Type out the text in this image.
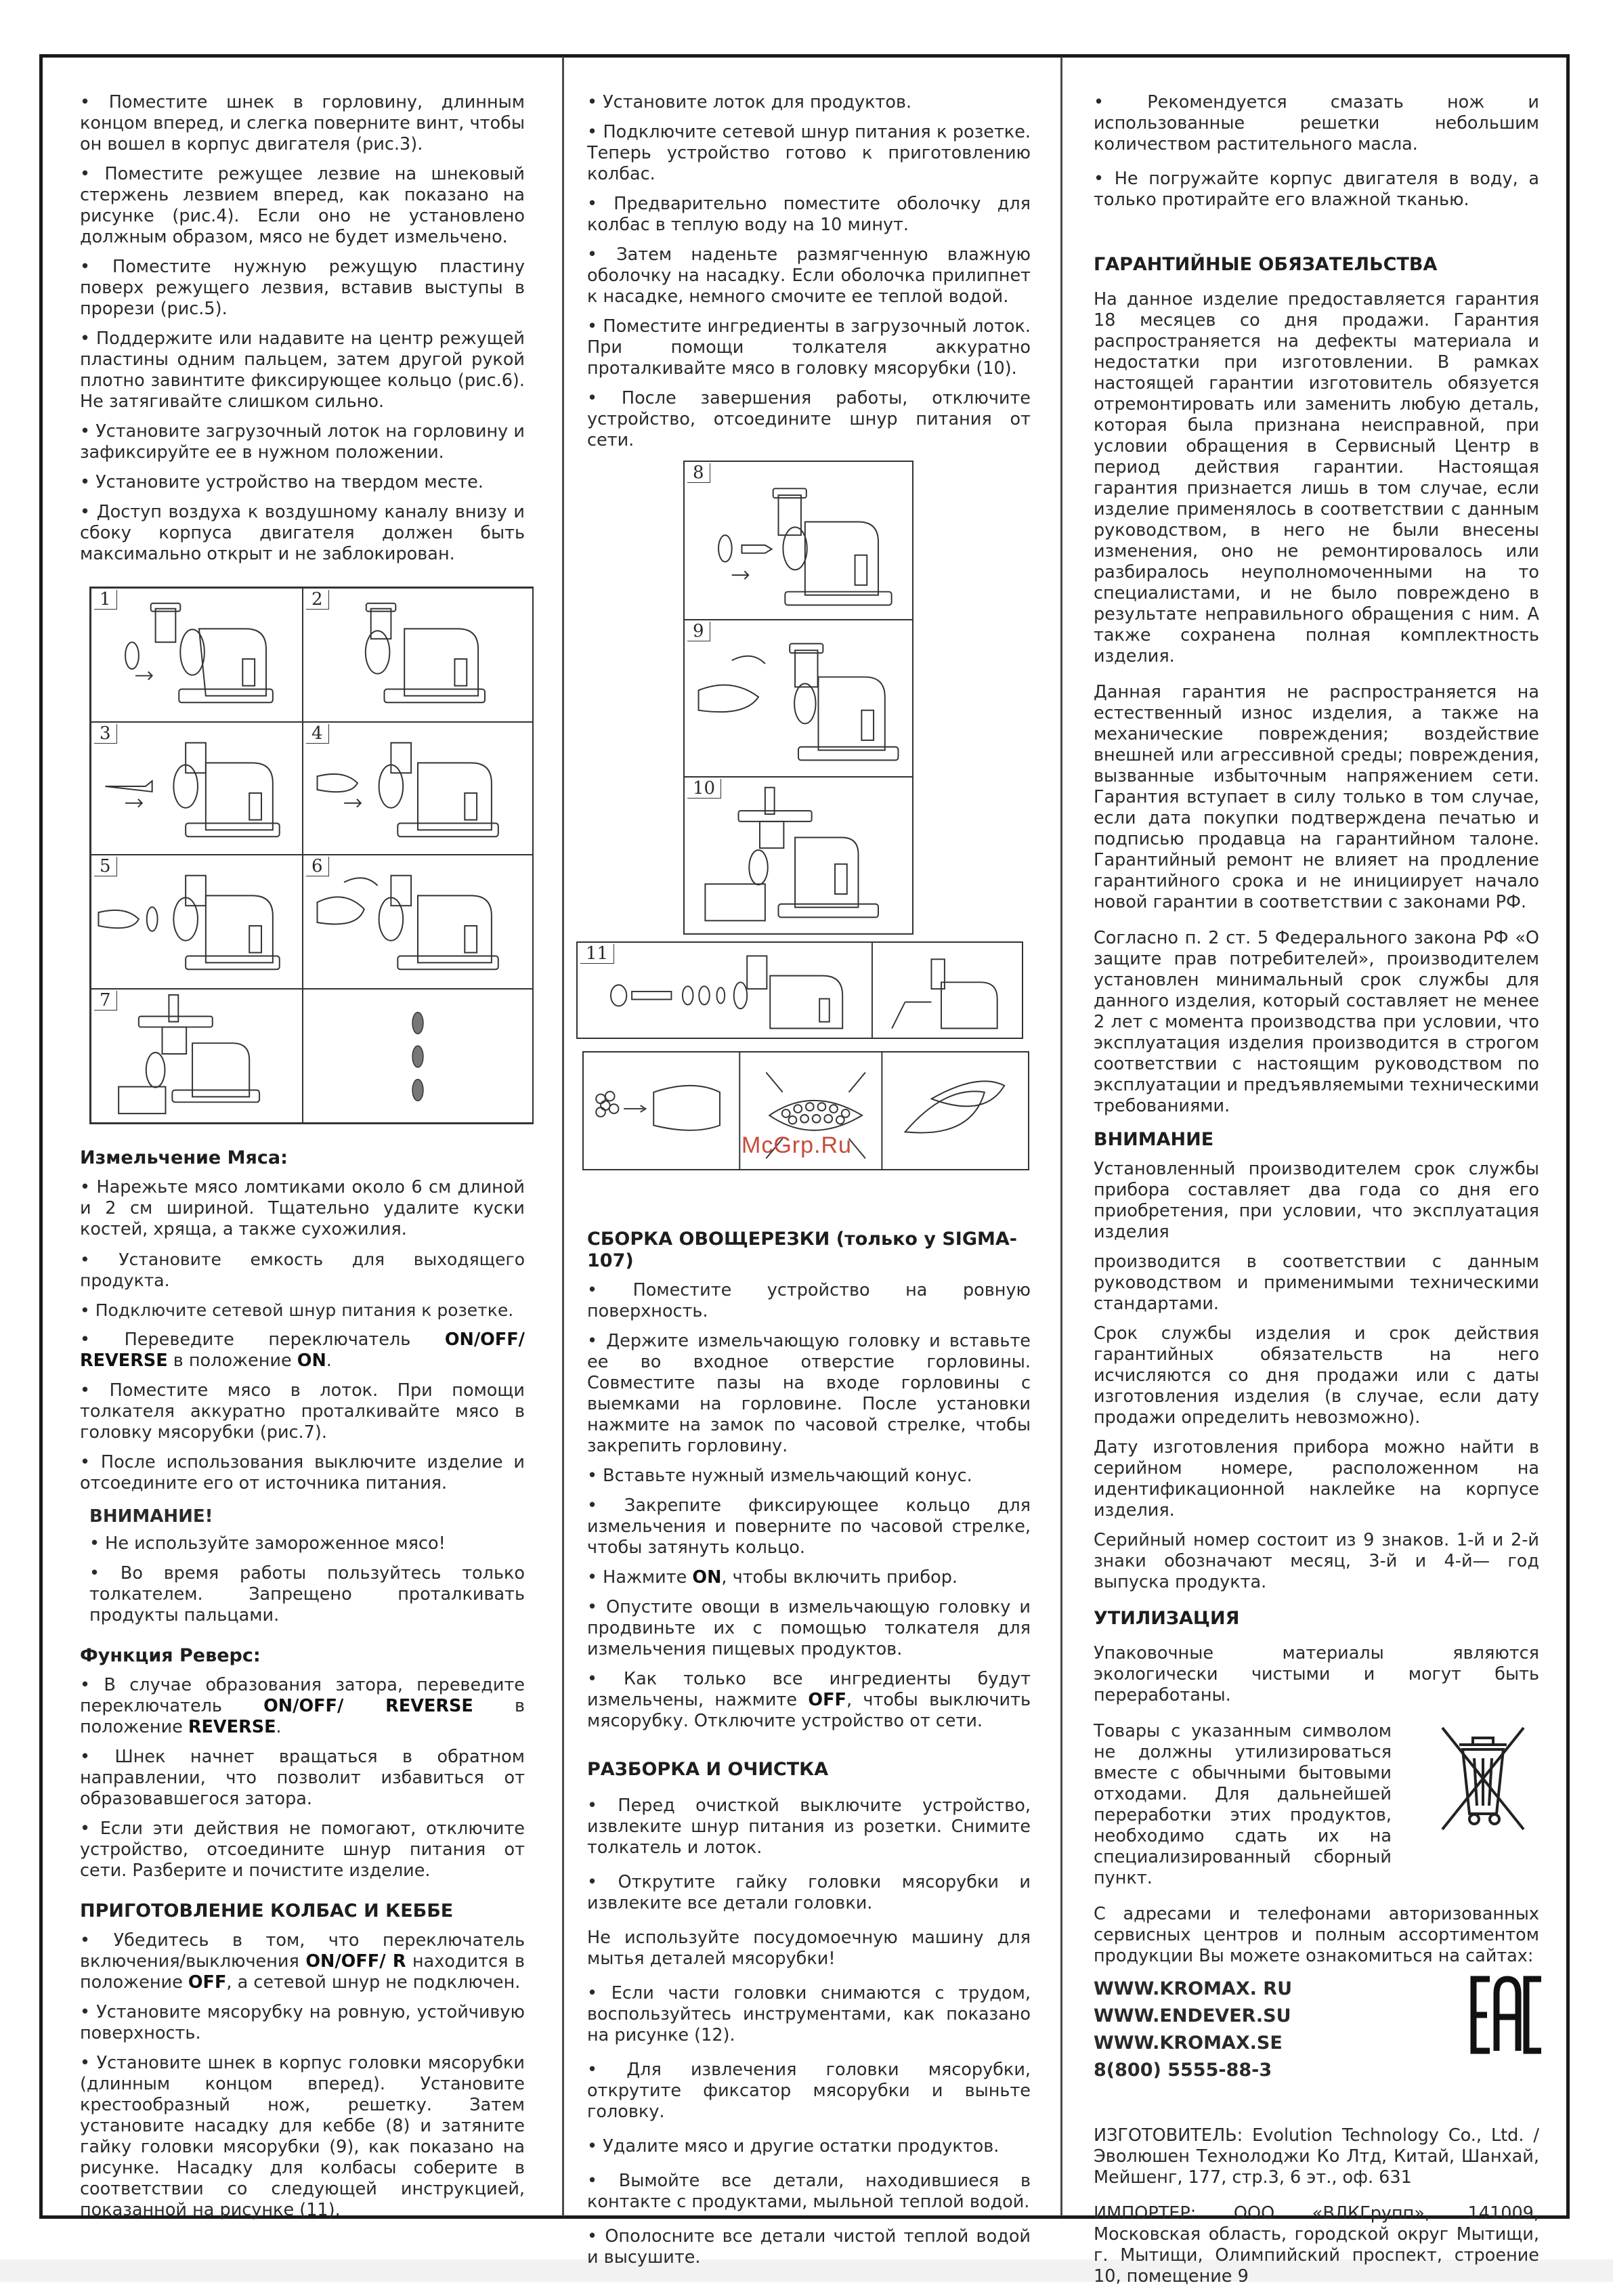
• Поместите шнек в горловину, длинным концом вперед, и слегка поверните винт, чтобы он вошел в корпус двигателя (рис.3).

• Поместите режущее лезвие на шнековый стержень лезвием вперед, как показано на рисунке (рис.4). Если оно не установлено должным образом, мясо не будет измельчено.

• Поместите нужную режущую пластину поверх режущего лезвия, вставив выступы в прорези (рис.5).

• Поддержите или надавите на центр режущей пластины одним пальцем, затем другой рукой плотно завинтите фиксирующее кольцо (рис.6). Не затягивайте слишком сильно.

• Установите загрузочный лоток на горловину и зафиксируйте ее в нужном положении.

• Установите устройство на твердом месте.

• Доступ воздуха к воздушному каналу внизу и сбоку корпуса двигателя должен быть максимально открыт и не заблокирован.

1	2
3	4
5	6
7
Измельчение Мяса:

• Нарежьте мясо ломтиками около 6 см длиной и 2 см шириной. Тщательно удалите куски костей, хряща, а также сухожилия.

• Установите емкость для выходящего продукта.

• Подключите сетевой шнур питания к розетке.

• Переведите переключатель ON/OFF/ REVERSE в положение ON.

• Поместите мясо в лоток. При помощи толкателя аккуратно проталкивайте мясо в головку мясорубки (рис.7).

• После использования выключите изделие и отсоедините его от источника питания.

ВНИМАНИЕ!

• Не используйте замороженное мясо!

• Во время работы пользуйтесь только толкателем. Запрещено проталкивать продукты пальцами.

Функция Реверс:

• В случае образования затора, переведите переключатель ON/OFF/ REVERSE в положение REVERSE.

• Шнек начнет вращаться в обратном направлении, что позволит избавиться от образовавшегося затора.

• Если эти действия не помогают, отключите устройство, отсоедините шнур питания от сети. Разберите и почистите изделие.

ПРИГОТОВЛЕНИЕ КОЛБАС И КЕББЕ

• Убедитесь в том, что переключатель включения/выключения ON/OFF/ R находится в положение OFF, а сетевой шнур не подключен.

• Установите мясорубку на ровную, устойчивую поверхность.

• Установите шнек в корпус головки мясорубки (длинным концом вперед). Установите крестообразный нож, решетку. Затем установите насадку для кеббе (8) и затяните гайку головки мясорубки (9), как показано на рисунке. Насадку для колбасы соберите в соответствии со следующей инструкцией, показанной на рисунке (11).

• Установите лоток для продуктов.

• Подключите сетевой шнур питания к розетке. Теперь устройство готово к приготовлению колбас.

• Предварительно поместите оболочку для колбас в теплую воду на 10 минут.

• Затем наденьте размягченную влажную оболочку на насадку. Если оболочка прилипнет к насадке, немного смочите ее теплой водой.

• Поместите ингредиенты в загрузочный лоток. При помощи толкателя аккуратно проталкивайте мясо в головку мясорубки (10).

• После завершения работы, отключите устройство, отсоедините шнур питания от сети.

8
9
10
11
СБОРКА ОВОЩЕРЕЗКИ (только у SIGMA-107)

• Поместите устройство на ровную поверхность.

• Держите измельчающую головку и вставьте ее во входное отверстие горловины. Совместите пазы на входе горловины с выемками на горловине. После установки нажмите на замок по часовой стрелке, чтобы закрепить горловину.

• Вставьте нужный измельчающий конус.

• Закрепите фиксирующее кольцо для измельчения и поверните по часовой стрелке, чтобы затянуть кольцо.

• Нажмите ON, чтобы включить прибор.

• Опустите овощи в измельчающую головку и продвиньте их с помощью толкателя для измельчения пищевых продуктов.

• Как только все ингредиенты будут измельчены, нажмите OFF, чтобы выключить мясорубку. Отключите устройство от сети.

РАЗБОРКА И ОЧИСТКА

• Перед очисткой выключите устройство, извлеките шнур питания из розетки. Снимите толкатель и лоток.

• Открутите гайку головки мясорубки и извлеките все детали головки.

Не используйте посудомоечную машину для мытья деталей мясорубки!

• Если части головки снимаются с трудом, воспользуйтесь инструментами, как показано на рисунке (12).

• Для извлечения головки мясорубки, открутите фиксатор мясорубки и выньте головку.

• Удалите мясо и другие остатки продуктов.

• Вымойте все детали, находившиеся в контакте с продуктами, мыльной теплой водой.

• Ополосните все детали чистой теплой водой и высушите.

McGrp.Ru

• Рекомендуется смазать нож и использованные решетки небольшим количеством растительного масла.

• Не погружайте корпус двигателя в воду, а только протирайте его влажной тканью.

ГАРАНТИЙНЫЕ ОБЯЗАТЕЛЬСТВА

На данное изделие предоставляется гарантия 18 месяцев со дня продажи. Гарантия распространяется на дефекты материала и недостатки при изготовлении. В рамках настоящей гарантии изготовитель обязуется отремонтировать или заменить любую деталь, которая была признана неисправной, при условии обращения в Сервисный Центр в период действия гарантии. Настоящая гарантия признается лишь в том случае, если изделие применялось в соответствии с данным руководством, в него не были внесены изменения, оно не ремонтировалось или разбиралось неуполномоченными на то специалистами, и не было повреждено в результате неправильного обращения с ним. А также сохранена полная комплектность изделия.

Данная гарантия не распространяется на естественный износ изделия, а также на механические повреждения; воздействие внешней или агрессивной среды; повреждения, вызванные избыточным напряжением сети. Гарантия вступает в силу только в том случае, если дата покупки подтверждена печатью и подписью продавца на гарантийном талоне. Гарантийный ремонт не влияет на продление гарантийного срока и не инициирует начало новой гарантии в соответствии с законами РФ.

Согласно п. 2 ст. 5 Федерального закона РФ «О защите прав потребителей», производителем установлен минимальный срок службы для данного изделия, который составляет не менее 2 лет с момента производства при условии, что эксплуатация изделия производится в строгом соответствии с настоящим руководством по эксплуатации и предъявляемыми техническими требованиями.

ВНИМАНИЕ

Установленный производителем срок службы прибора составляет два года со дня его приобретения, при условии, что эксплуатация изделия

производится в соответствии с данным руководством и применимыми техническими стандартами.

Срок службы изделия и срок действия гарантийных обязательств на него исчисляются со дня продажи или с даты изготовления изделия (в случае, если дату продажи определить невозможно).

Дату изготовления прибора можно найти в серийном номере, расположенном на идентификационной наклейке на корпусе изделия.

Серийный номер состоит из 9 знаков. 1-й и 2-й знаки обозначают месяц, 3-й и 4-й— год выпуска продукта.

УТИЛИЗАЦИЯ

Упаковочные материалы являются экологически чистыми и могут быть переработаны.

Товары с указанным символом не должны утилизироваться вместе с обычными бытовыми отходами. Для дальнейшей переработки этих продуктов, необходимо сдать их на специализированный сборный пункт.

С адресами и телефонами авторизованных сервисных центров и полным ассортиментом продукции Вы можете ознакомиться на сайтах:

WWW.KROMAX. RU

WWW.ENDEVER.SU

WWW.KROMAX.SE

8(800) 5555-88-3

ИЗГОТОВИТЕЛЬ: Evolution Technology Co., Ltd. / Эволюшен Технолоджи Ко Лтд, Китай, Шанхай, Мейшенг, 177, стр.3, 6 эт., оф. 631

ИМПОРТЕР: ООО «ВЛКГрупп», 141009, Московская область, городской округ Мытищи, г. Мытищи, Олимпийский проспект, строение 10, помещение 9
